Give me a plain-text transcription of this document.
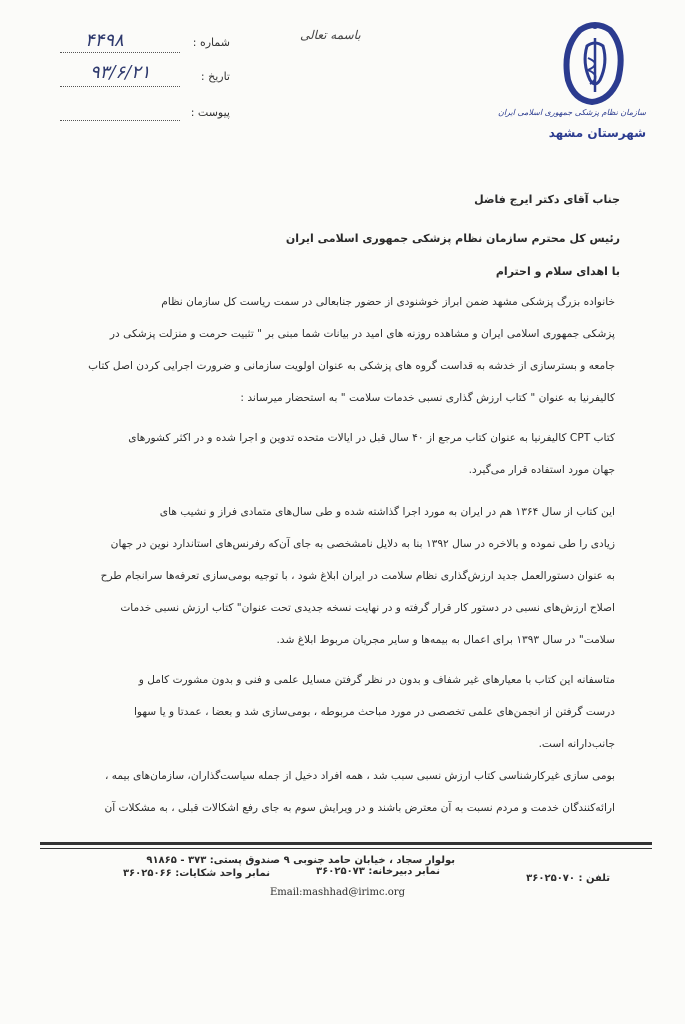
باسمه تعالی
شماره :
۴۴۹۸
تاریخ :
۹۳/۶/۲۱
پیوست :	سازمان نظام پزشکی جمهوری اسلامی ایران
شهرستان مشهد
جناب آقای دکتر ایرج فاضل
رئیس کل محترم سازمان نظام پزشکی جمهوری اسلامی ایران
با اهدای سلام و احترام
خانواده بزرگ پزشکی مشهد ضمن ابراز خوشنودی از حضور جنابعالی در سمت ریاست کل سازمان نظام
پزشکی جمهوری اسلامی ایران و مشاهده روزنه های امید در بیانات شما مبنی بر " تثبیت حرمت و منزلت پزشکی در
جامعه و بسترسازی از خدشه به قداست گروه های پزشکی به عنوان اولویت سازمانی و ضرورت اجرایی کردن اصل کتاب
کالیفرنیا به عنوان " کتاب ارزش گذاری نسبی خدمات سلامت " به استحضار میرساند :
کتاب CPT کالیفرنیا به عنوان کتاب مرجع از ۴۰ سال قبل در ایالات متحده تدوین و اجرا شده و در اکثر کشورهای
جهان مورد استفاده قرار می‌گیرد.
این کتاب از سال ۱۳۶۴ هم در ایران به مورد اجرا گذاشته شده و طی سال‌های متمادی فراز و نشیب های
زیادی را طی نموده و بالاخره در سال ۱۳۹۲ بنا به دلایل نامشخصی به جای آن‌که رفرنس‌های استاندارد نوین در جهان
به عنوان دستورالعمل جدید ارزش‌گذاری نظام سلامت در ایران ابلاغ شود ، با توجیه بومی‌سازی تعرفه‌ها سرانجام طرح
اصلاح ارزش‌های نسبی در دستور کار قرار گرفته و در نهایت نسخه جدیدی تحت عنوان" کتاب ارزش نسبی خدمات
سلامت" در سال ۱۳۹۳ برای اعمال به بیمه‌ها و سایر مجریان مربوط ابلاغ شد.
متاسفانه این کتاب با معیارهای غیر شفاف و بدون در نظر گرفتن مسایل علمی و فنی و بدون مشورت کامل و
درست گرفتن از انجمن‌های علمی تخصصی در مورد مباحث مربوطه ، بومی‌سازی شد و بعضا ، عمدتا و یا سهوا
جانب‌دارانه است.
بومی سازی غیرکارشناسی کتاب ارزش نسبی سبب شد ، همه افراد دخیل از جمله سیاست‌گذاران، سازمان‌های بیمه ،
ارائه‌کنندگان خدمت و مردم نسبت به آن معترض باشند و در ویرایش سوم به جای رفع اشکالات قبلی ، به مشکلات آن
بولوار سجاد ، خیابان حامد جنوبی ۹ صندوق پستی: ۳۷۳ - ۹۱۸۶۵
تلفن : ۳۶۰۲۵۰۷۰
نمابر دبیرخانه: ۳۶۰۲۵۰۷۳
نمابر واحد شکایات: ۳۶۰۲۵۰۶۶
Email:mashhad@irimc.org
